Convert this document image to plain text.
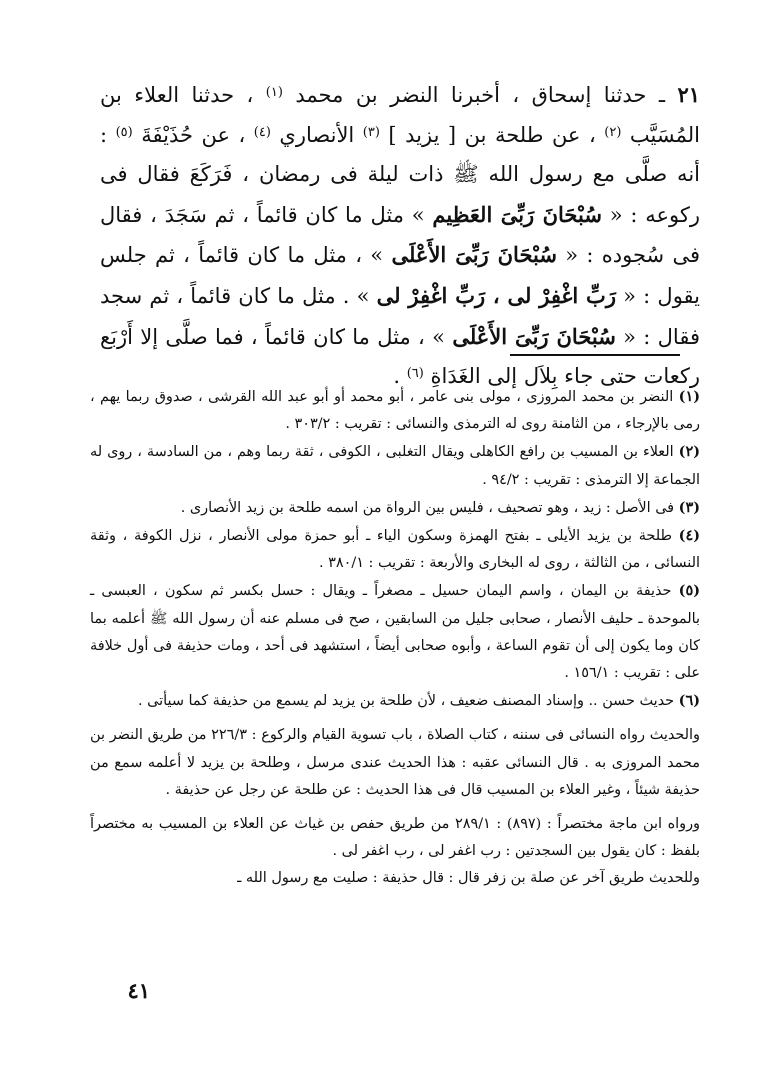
٢١ ـ حدثنا إسحاق ، أخبرنا النضر بن محمد $^{(١)}$ ، حدثنا العلاء بن المُسَيَّب $^{(٢)}$ ، عن طلحة بن [ يزيد ] $^{(٣)}$ الأنصاري $^{(٤)}$ ، عن حُذَيْفَةَ $^{(٥)}$ : أنه صلَّى مع رسول الله ﷺ ذات ليلة فى رمضان ، فَرَكَعَ فقال فى ركوعه : « سُبْحَانَ رَبِّىَ العَظِيم » مثل ما كان قائماً ، ثم سَجَدَ ، فقال فى سُجوده : « سُبْحَانَ رَبِّىَ الأَعْلَى » ، مثل ما كان قائماً ، ثم جلس يقول : « رَبِّ اغْفِرْ لى ، رَبِّ اغْفِرْ لى » . مثل ما كان قائماً ، ثم سجد فقال : « سُبْحَانَ رَبِّىَ الأَعْلَى » ، مثل ما كان قائماً ، فما صلَّى إلا أَرْبَع ركعات حتى جاء بِلاَل إلى الغَدَاةِ $^{(٦)}$ .

(١) النضر بن محمد المروزى ، مولى بنى عامر ، أبو محمد أو أبو عبد الله القرشى ، صدوق ربما يهم ، رمى بالإرجاء ، من الثامنة روى له الترمذى والنسائى : تقريب : ٣٠٣/٢ .

(٢) العلاء بن المسيب بن رافع الكاهلى ويقال التغلبى ، الكوفى ، ثقة ربما وهم ، من السادسة ، روى له الجماعة إلا الترمذى : تقريب : ٩٤/٢ .

(٣) فى الأصل : زيد ، وهو تصحيف ، فليس بين الرواة من اسمه طلحة بن زيد الأنصارى .

(٤) طلحة بن يزيد الأيلى ـ بفتح الهمزة وسكون الياء ـ أبو حمزة مولى الأنصار ، نزل الكوفة ، وثقة النسائى ، من الثالثة ، روى له البخارى والأربعة : تقريب : ٣٨٠/١ .

(٥) حذيفة بن اليمان ، واسم اليمان حسيل ـ مصغراً ـ ويقال : حسل بكسر ثم سكون ، العبسى ـ بالموحدة ـ حليف الأنصار ، صحابى جليل من السابقين ، صح فى مسلم عنه أن رسول الله ﷺ أعلمه بما كان وما يكون إلى أن تقوم الساعة ، وأبوه صحابى أيضاً ، استشهد فى أحد ، ومات حذيفة فى أول خلافة على : تقريب : ١٥٦/١ .

(٦) حديث حسن .. وإسناد المصنف ضعيف ، لأن طلحة بن يزيد لم يسمع من حذيفة كما سيأتى .

والحديث رواه النسائى فى سننه ، كتاب الصلاة ، باب تسوية القيام والركوع : ٢٢٦/٣ من طريق النضر بن محمد المروزى به . قال النسائى عقبه : هذا الحديث عندى مرسل ، وطلحة بن يزيد لا أعلمه سمع من حذيفة شيئاً ، وغير العلاء بن المسيب قال فى هذا الحديث : عن طلحة عن رجل عن حذيفة .

ورواه ابن ماجة مختصراً : (٨٩٧) : ٢٨٩/١ من طريق حفص بن غياث عن العلاء بن المسيب به مختصراً بلفظ : كان يقول بين السجدتين : رب اغفر لى ، رب اغفر لى .

وللحديث طريق آخر عن صلة بن زفر قال : قال حذيفة : صليت مع رسول الله ـ

٤١
